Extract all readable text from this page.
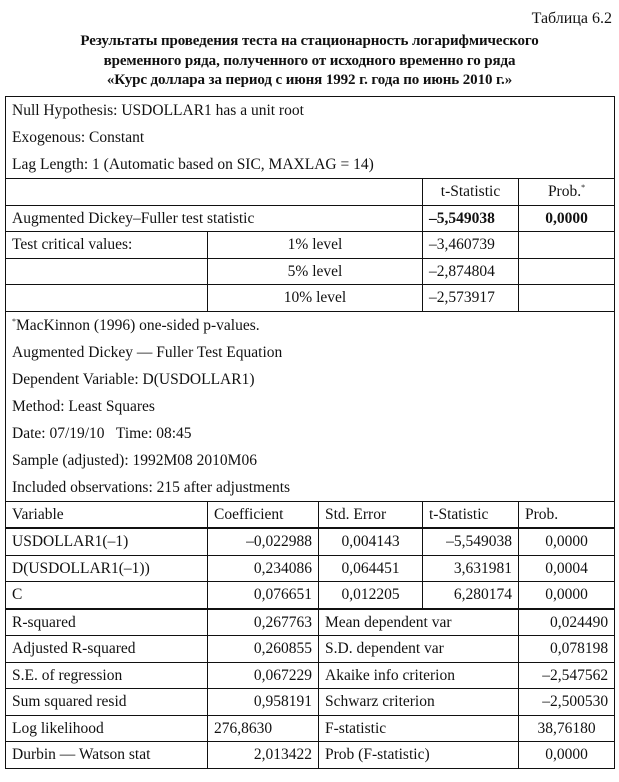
Таблица 6.2
Результаты проведения теста на стационарность логарифмического
временного ряда, полученного от исходного временно го ряда
«Курс доллара за период с июня 1992 г. года по июнь 2010 г.»
Null Hypothesis: USDOLLAR1 has a unit root				
Exogenous: Constant				
Lag Length: 1 (Automatic based on SIC, MAXLAG = 14)				
			t-Statistic	Prob.*
Augmented Dickey–Fuller test statistic			–5,549038	0,0000
Test critical values:	1% level		–3,460739	
	5% level		–2,874804	
	10% level		–2,573917	
*MacKinnon (1996) one-sided p-values.				
Augmented Dickey — Fuller Test Equation				
Dependent Variable: D(USDOLLAR1)				
Method: Least Squares				
Date: 07/19/10   Time: 08:45				
Sample (adjusted): 1992M08 2010M06				
Included observations: 215 after adjustments				
Variable	Coefficient	Std. Error	t-Statistic	Prob.
USDOLLAR1(–1)	–0,022988	0,004143	–5,549038	0,0000
D(USDOLLAR1(–1))	0,234086	0,064451	3,631981	0,0004
C	0,076651	0,012205	6,280174	0,0000
R-squared	0,267763	Mean dependent var		0,024490
Adjusted R-squared	0,260855	S.D. dependent var		0,078198
S.E. of regression	0,067229	Akaike info criterion		–2,547562
Sum squared resid	0,958191	Schwarz criterion		–2,500530
Log likelihood	276,8630	F-statistic		38,76180
Durbin — Watson stat	2,013422	Prob (F-statistic)		0,0000
